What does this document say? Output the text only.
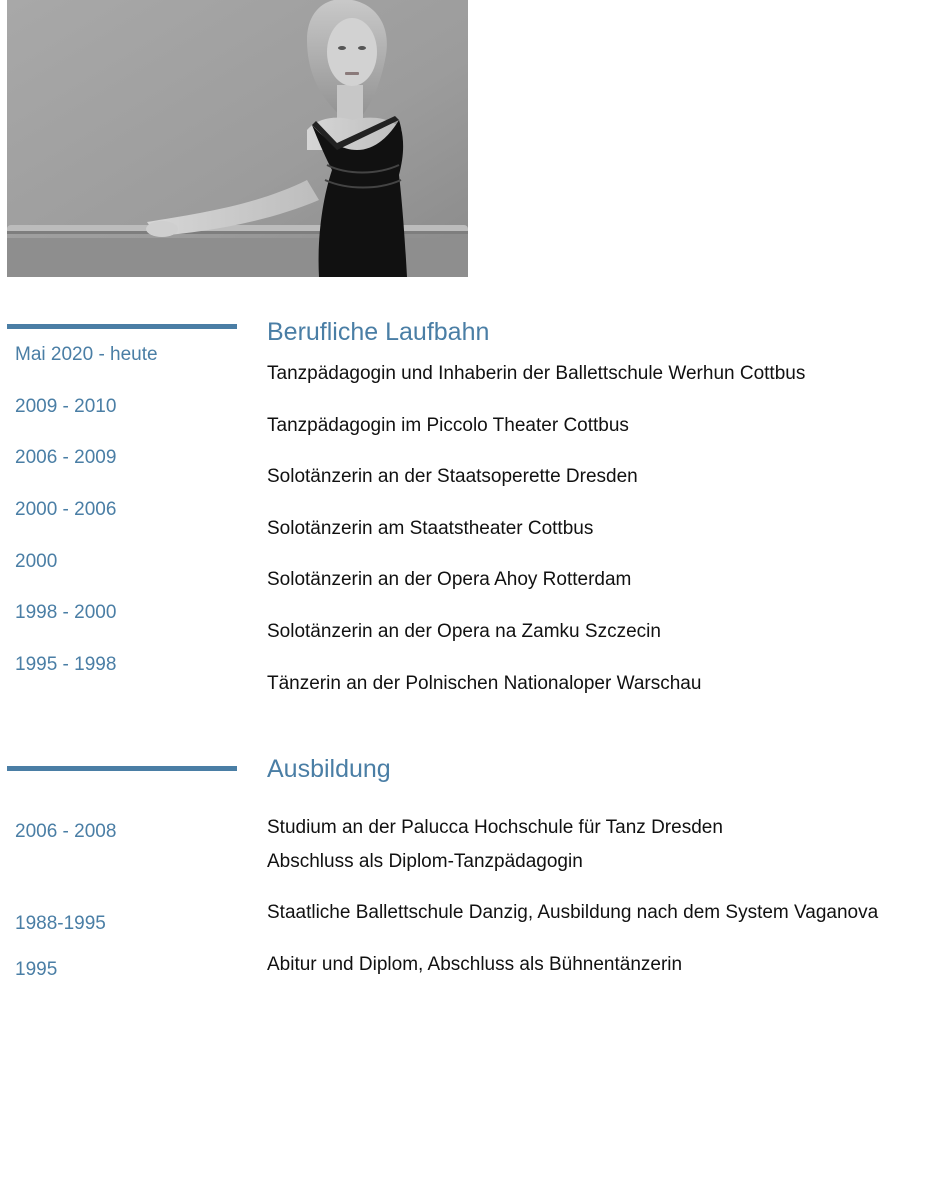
Berufliche Laufbahn
Mai 2020 - heute
2009 - 2010
2006 - 2009
2000 - 2006
2000
1998 - 2000
1995 - 1998
Tanzpädagogin und Inhaberin der Ballettschule Werhun Cottbus
Tanzpädagogin im Piccolo Theater Cottbus
Solotänzerin an der Staatsoperette Dresden
Solotänzerin am Staatstheater Cottbus
Solotänzerin an der Opera Ahoy Rotterdam
Solotänzerin an der Opera na Zamku Szczecin
Tänzerin an der Polnischen Nationaloper Warschau
Ausbildung
2006 - 2008
1988-1995
1995
Studium an der Palucca Hochschule für Tanz Dresden
Abschluss als Diplom-Tanzpädagogin
Staatliche Ballettschule Danzig, Ausbildung nach dem System Vaganova
Abitur und Diplom, Abschluss als Bühnentänzerin
